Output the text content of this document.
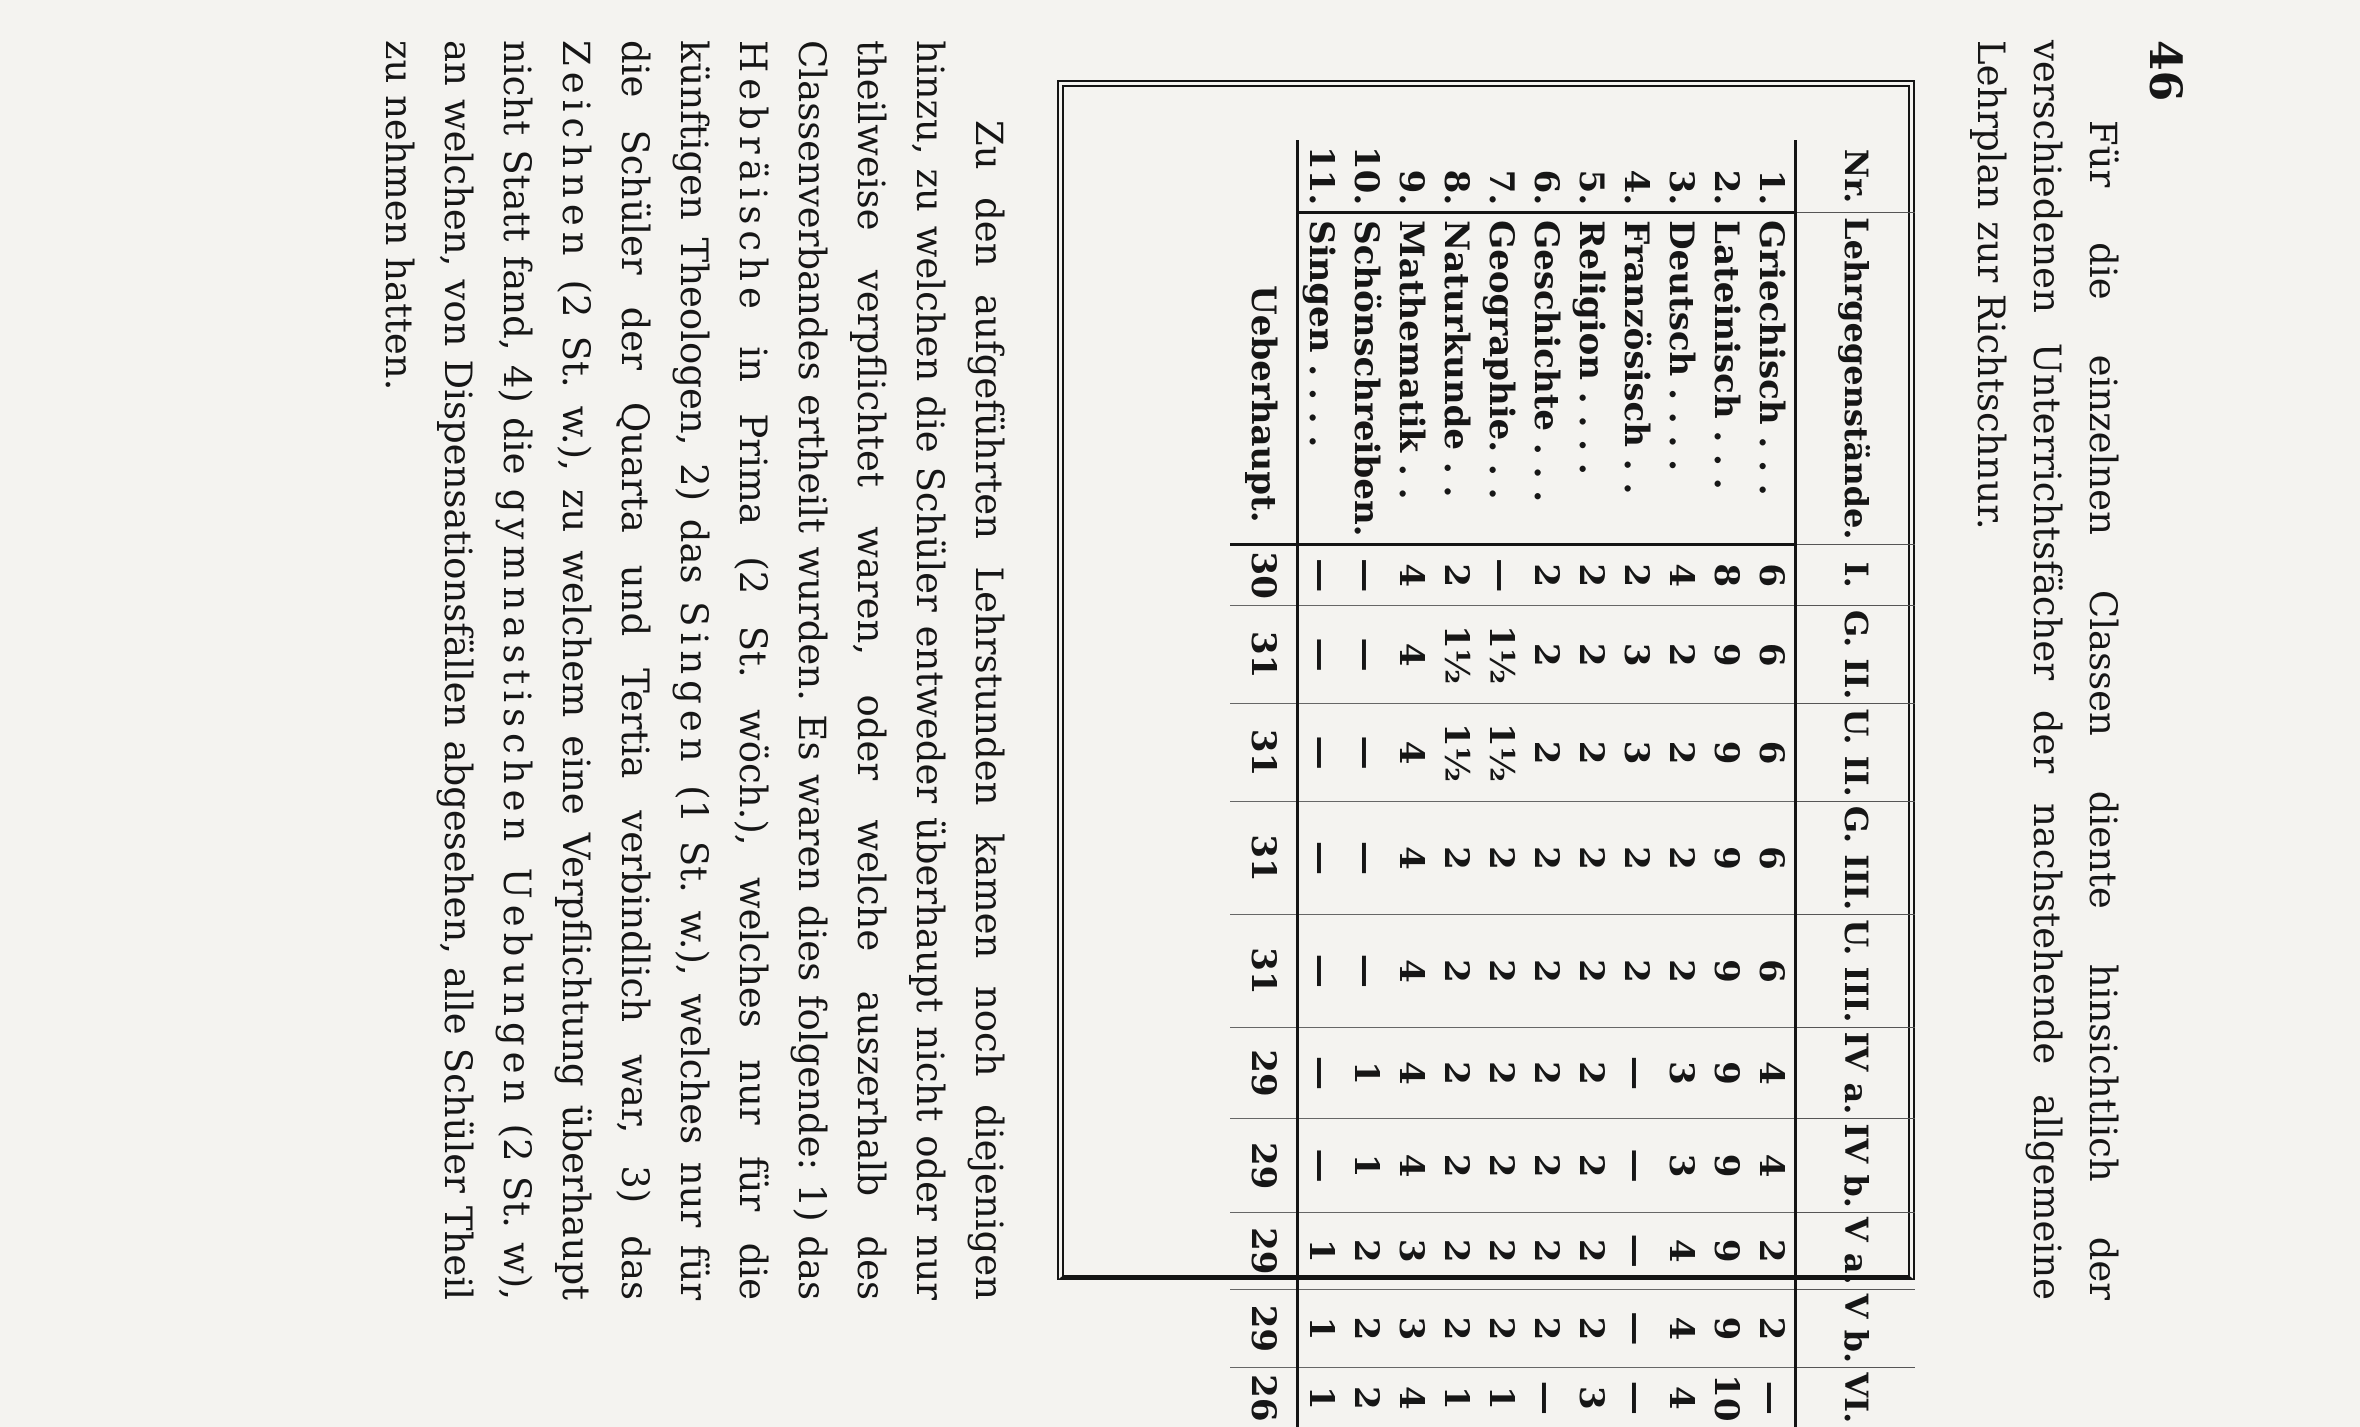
46
Für die einzelnen Classen diente hinsichtlich der verschiedenen Unterrichtsfächer der nachstehende allgemeine Lehrplan zur Richtschnur.
Nr.	Lehrgegenstände.	I.	G. II.	U. II.	G. III.	U. III.	IV a.	IV b.	V a.	V b.	VI.
1.	Griechisch . . .	6	6	6	6	6	4	4	2	2	—
2.	Lateinisch . . .	8	9	9	9	9	9	9	9	9	10
3.	Deutsch . . . .	4	2	2	2	2	3	3	4	4	4
4.	Französisch . .	2	3	3	2	2	—	—	—	—	—
5.	Religion . . . .	2	2	2	2	2	2	2	2	2	3
6.	Geschichte . . .	2	2	2	2	2	2	2	2	2	—
7.	Geographie. . .	—	1½	1½	2	2	2	2	2	2	1
8.	Naturkunde . .	2	1½	1½	2	2	2	2	2	2	1
9.	Mathematik . .	4	4	4	4	4	4	4	3	3	4
10.	Schönschreiben.	—	—	—	—	—	1	1	2	2	2
11.	Singen . . . .	—	—	—	—	—	—	—	1	1	1
	Ueberhaupt.	30	31	31	31	31	29	29	29	29	26
Zu den aufgeführten Lehrstunden kamen noch diejenigen hinzu, zu welchen die Schüler entweder überhaupt nicht oder nur theilweise verpflichtet waren, oder welche auszerhalb des Classenverbandes ertheilt wurden. Es waren dies folgende: 1) das Hebräische in Prima (2 St. wöch.), welches nur für die künftigen Theologen, 2) das Singen (1 St. w.), welches nur für die Schüler der Quarta und Tertia verbindlich war, 3) das Zeichnen (2 St. w.), zu welchem eine Verpflichtung überhaupt nicht Statt fand, 4) die gymnastischen Uebungen (2 St. w), an welchen, von Dispensationsfällen abgesehen, alle Schüler Theil zu nehmen hatten.
